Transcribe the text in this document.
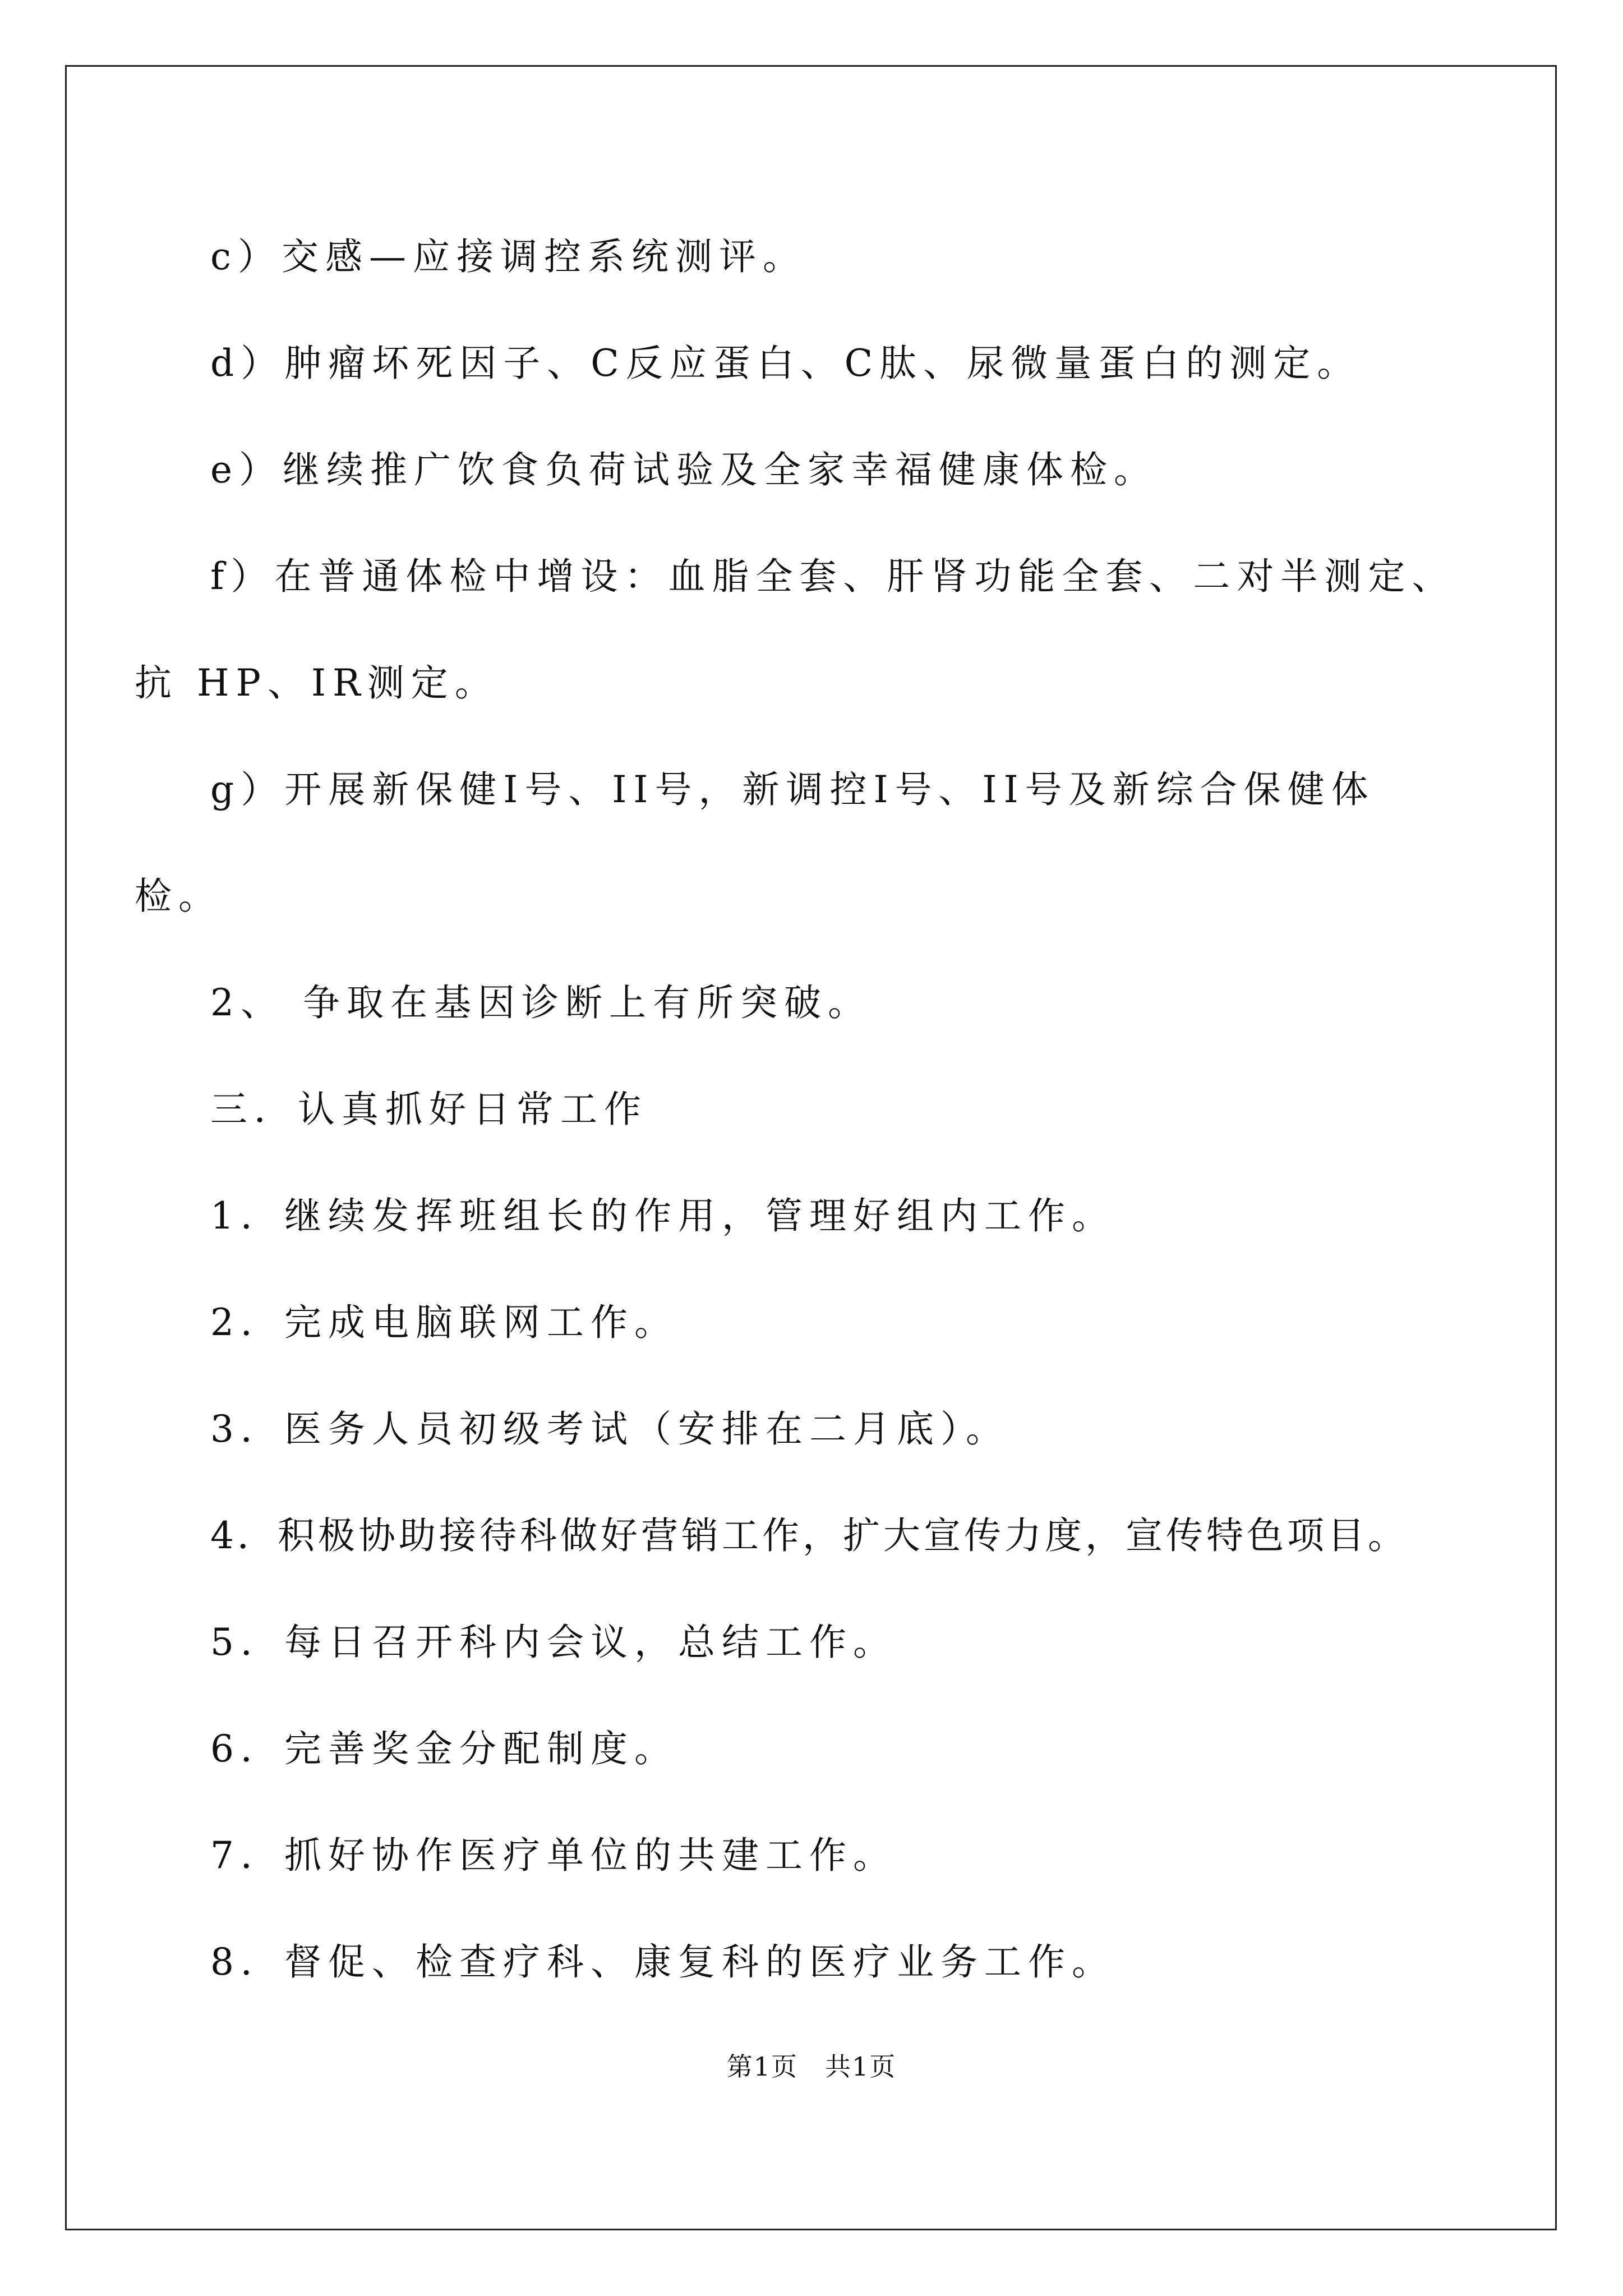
c）交感—应接调控系统测评。
d）肿瘤坏死因子、C反应蛋白、C肽、尿微量蛋白的测定。
e）继续推广饮食负荷试验及全家幸福健康体检。
f）在普通体检中增设：血脂全套、肝肾功能全套、二对半测定、
抗 HP、IR测定。
g）开展新保健Ⅰ号、II号，新调控Ⅰ号、II号及新综合保健体
检。
2、 争取在基因诊断上有所突破。
三．认真抓好日常工作
1．继续发挥班组长的作用，管理好组内工作。
2．完成电脑联网工作。
3．医务人员初级考试（安排在二月底）。
4．积极协助接待科做好营销工作，扩大宣传力度，宣传特色项目。
5．每日召开科内会议，总结工作。
6．完善奖金分配制度。
7．抓好协作医疗单位的共建工作。
8．督促、检查疗科、康复科的医疗业务工作。
第1页　共1页
